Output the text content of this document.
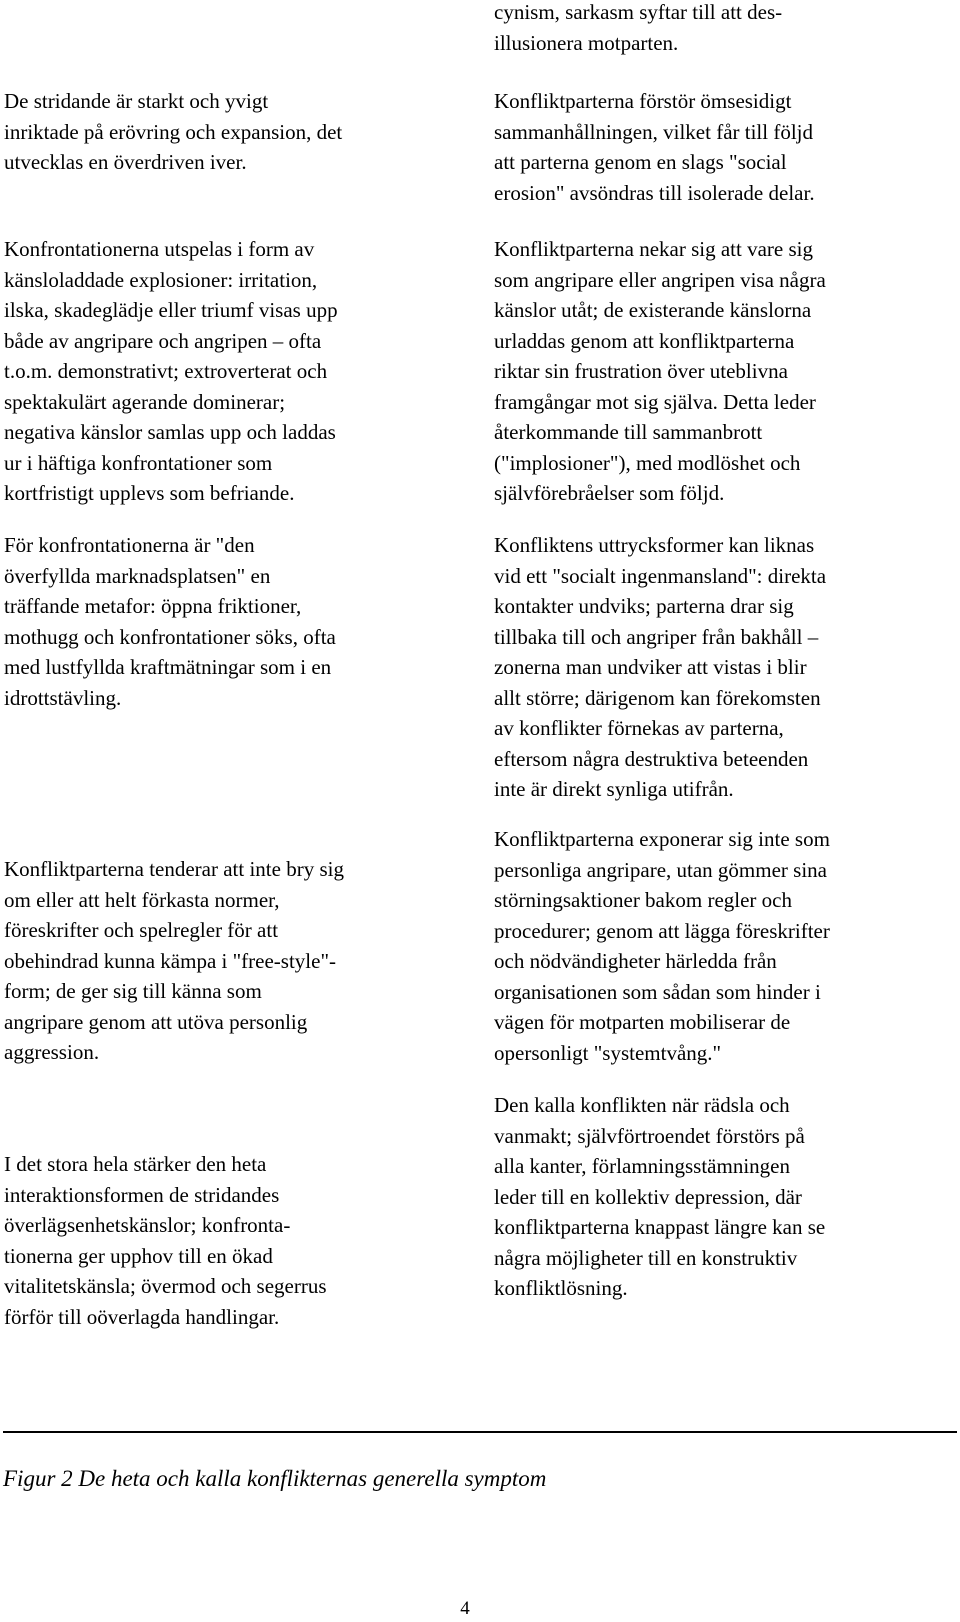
De stridande är starkt och yvigt
inriktade på erövring och expansion, det
utvecklas en överdriven iver.

Konfrontationerna utspelas i form av
känsloladdade explosioner: irritation,
ilska, skadeglädje eller triumf visas upp
både av angripare och angripen – ofta
t.o.m. demonstrativt; extroverterat och
spektakulärt agerande dominerar;
negativa känslor samlas upp och laddas
ur i häftiga konfrontationer som
kortfristigt upplevs som befriande.

För konfrontationerna är "den
överfyllda marknadsplatsen" en
träffande metafor: öppna friktioner,
mothugg och konfrontationer söks, ofta
med lustfyllda kraftmätningar som i en
idrottstävling.

Konfliktparterna tenderar att inte bry sig
om eller att helt förkasta normer,
föreskrifter och spelregler för att
obehindrad kunna kämpa i "free-style"-
form; de ger sig till känna som
angripare genom att utöva personlig
aggression.

I det stora hela stärker den heta
interaktionsformen de stridandes
överlägsenhetskänslor; konfronta-
tionerna ger upphov till en ökad
vitalitetskänsla; övermod och segerrus
förför till oöverlagda handlingar.

cynism, sarkasm syftar till att des-
illusionera motparten.

Konfliktparterna förstör ömsesidigt
sammanhållningen, vilket får till följd
att parterna genom en slags "social
erosion" avsöndras till isolerade delar.

Konfliktparterna nekar sig att vare sig
som angripare eller angripen visa några
känslor utåt; de existerande känslorna
urladdas genom att konfliktparterna
riktar sin frustration över uteblivna
framgångar mot sig själva. Detta leder
återkommande till sammanbrott
("implosioner"), med modlöshet och
självförebråelser som följd.

Konfliktens uttrycksformer kan liknas
vid ett "socialt ingenmansland": direkta
kontakter undviks; parterna drar sig
tillbaka till och angriper från bakhåll –
zonerna man undviker att vistas i blir
allt större; därigenom kan förekomsten
av konflikter förnekas av parterna,
eftersom några destruktiva beteenden
inte är direkt synliga utifrån.

Konfliktparterna exponerar sig inte som
personliga angripare, utan gömmer sina
störningsaktioner bakom regler och
procedurer; genom att lägga föreskrifter
och nödvändigheter härledda från
organisationen som sådan som hinder i
vägen för motparten mobiliserar de
opersonligt "systemtvång."

Den kalla konflikten när rädsla och
vanmakt; självförtroendet förstörs på
alla kanter, förlamningsstämningen
leder till en kollektiv depression, där
konfliktparterna knappast längre kan se
några möjligheter till en konstruktiv
konfliktlösning.

Figur 2 De heta och kalla konflikternas generella symptom

4
